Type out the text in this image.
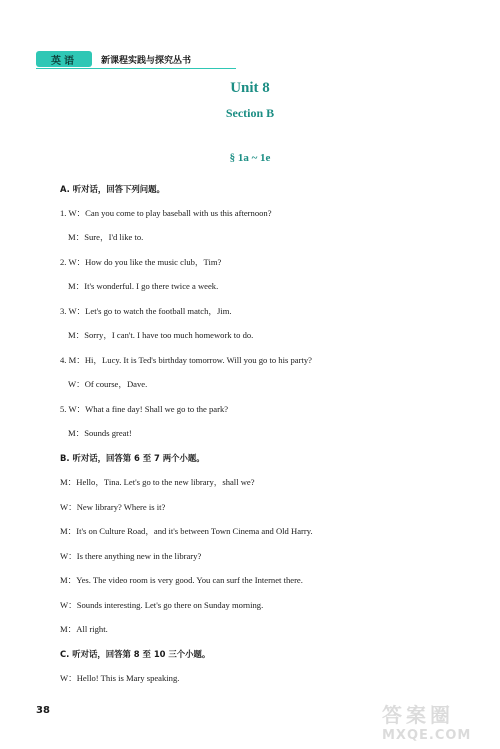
英语	新课程实践与探究丛书
Unit 8
Section B
§ 1a ~ 1e
A. 听对话，回答下列问题。
1. W：Can you come to play baseball with us this afternoon?
M：Sure，I'd like to.
2. W：How do you like the music club，Tim?
M：It's wonderful. I go there twice a week.
3. W：Let's go to watch the football match，Jim.
M：Sorry，I can't. I have too much homework to do.
4. M：Hi，Lucy. It is Ted's birthday tomorrow. Will you go to his party?
W：Of course，Dave.
5. W：What a fine day! Shall we go to the park?
M：Sounds great!
B. 听对话，回答第 6 至 7 两个小题。
M：Hello，Tina. Let's go to the new library，shall we?
W：New library? Where is it?
M：It's on Culture Road，and it's between Town Cinema and Old Harry.
W：Is there anything new in the library?
M：Yes. The video room is very good. You can surf the Internet there.
W：Sounds interesting. Let's go there on Sunday morning.
M：All right.
C. 听对话，回答第 8 至 10 三个小题。
W：Hello! This is Mary speaking.
38	答案圈
MXQE.COM
